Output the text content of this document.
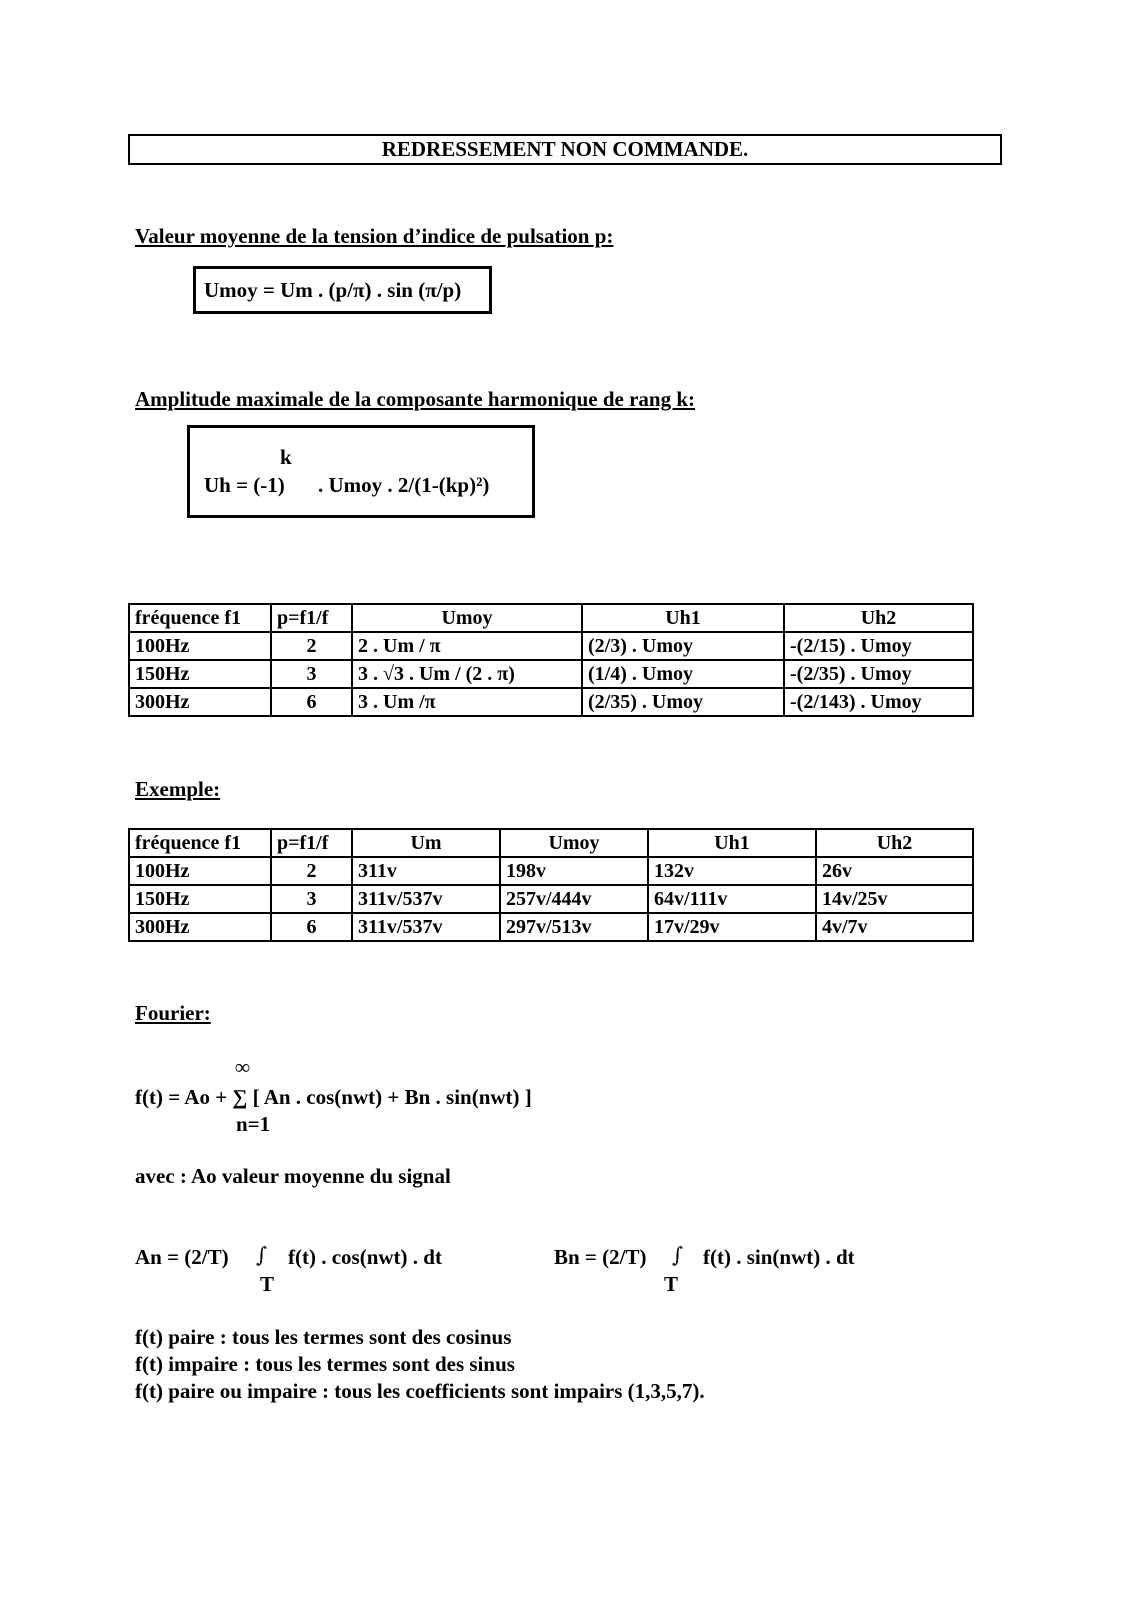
REDRESSEMENT NON COMMANDE.
Valeur moyenne de la tension d’indice de pulsation p:
Umoy = Um . (p/π) . sin (π/p)
Amplitude maximale de la composante harmonique de rang k:
k
Uh = (-1) . Umoy . 2/(1-(kp)²)
fréquence f1	p=f1/f	Umoy	Uh1	Uh2
100Hz	2	2 . Um / π	(2/3) . Umoy	-(2/15) . Umoy
150Hz	3	3 . √3 . Um / (2 . π)	(1/4) . Umoy	-(2/35) . Umoy
300Hz	6	3 . Um /π	(2/35) . Umoy	-(2/143) . Umoy
Exemple:
fréquence f1	p=f1/f	Um	Umoy	Uh1	Uh2
100Hz	2	311v	198v	132v	26v
150Hz	3	311v/537v	257v/444v	64v/111v	14v/25v
300Hz	6	311v/537v	297v/513v	17v/29v	4v/7v
Fourier:
∞
f(t) = Ao + ∑ [ An . cos(nwt) + Bn . sin(nwt) ]
n=1
avec : Ao valeur moyenne du signal
An = (2/T) ∫ f(t) . cos(nwt) . dt
T
Bn = (2/T) ∫ f(t) . sin(nwt) . dt
T
f(t) paire : tous les termes sont des cosinus
f(t) impaire : tous les termes sont des sinus
f(t) paire ou impaire : tous les coefficients sont impairs (1,3,5,7).
